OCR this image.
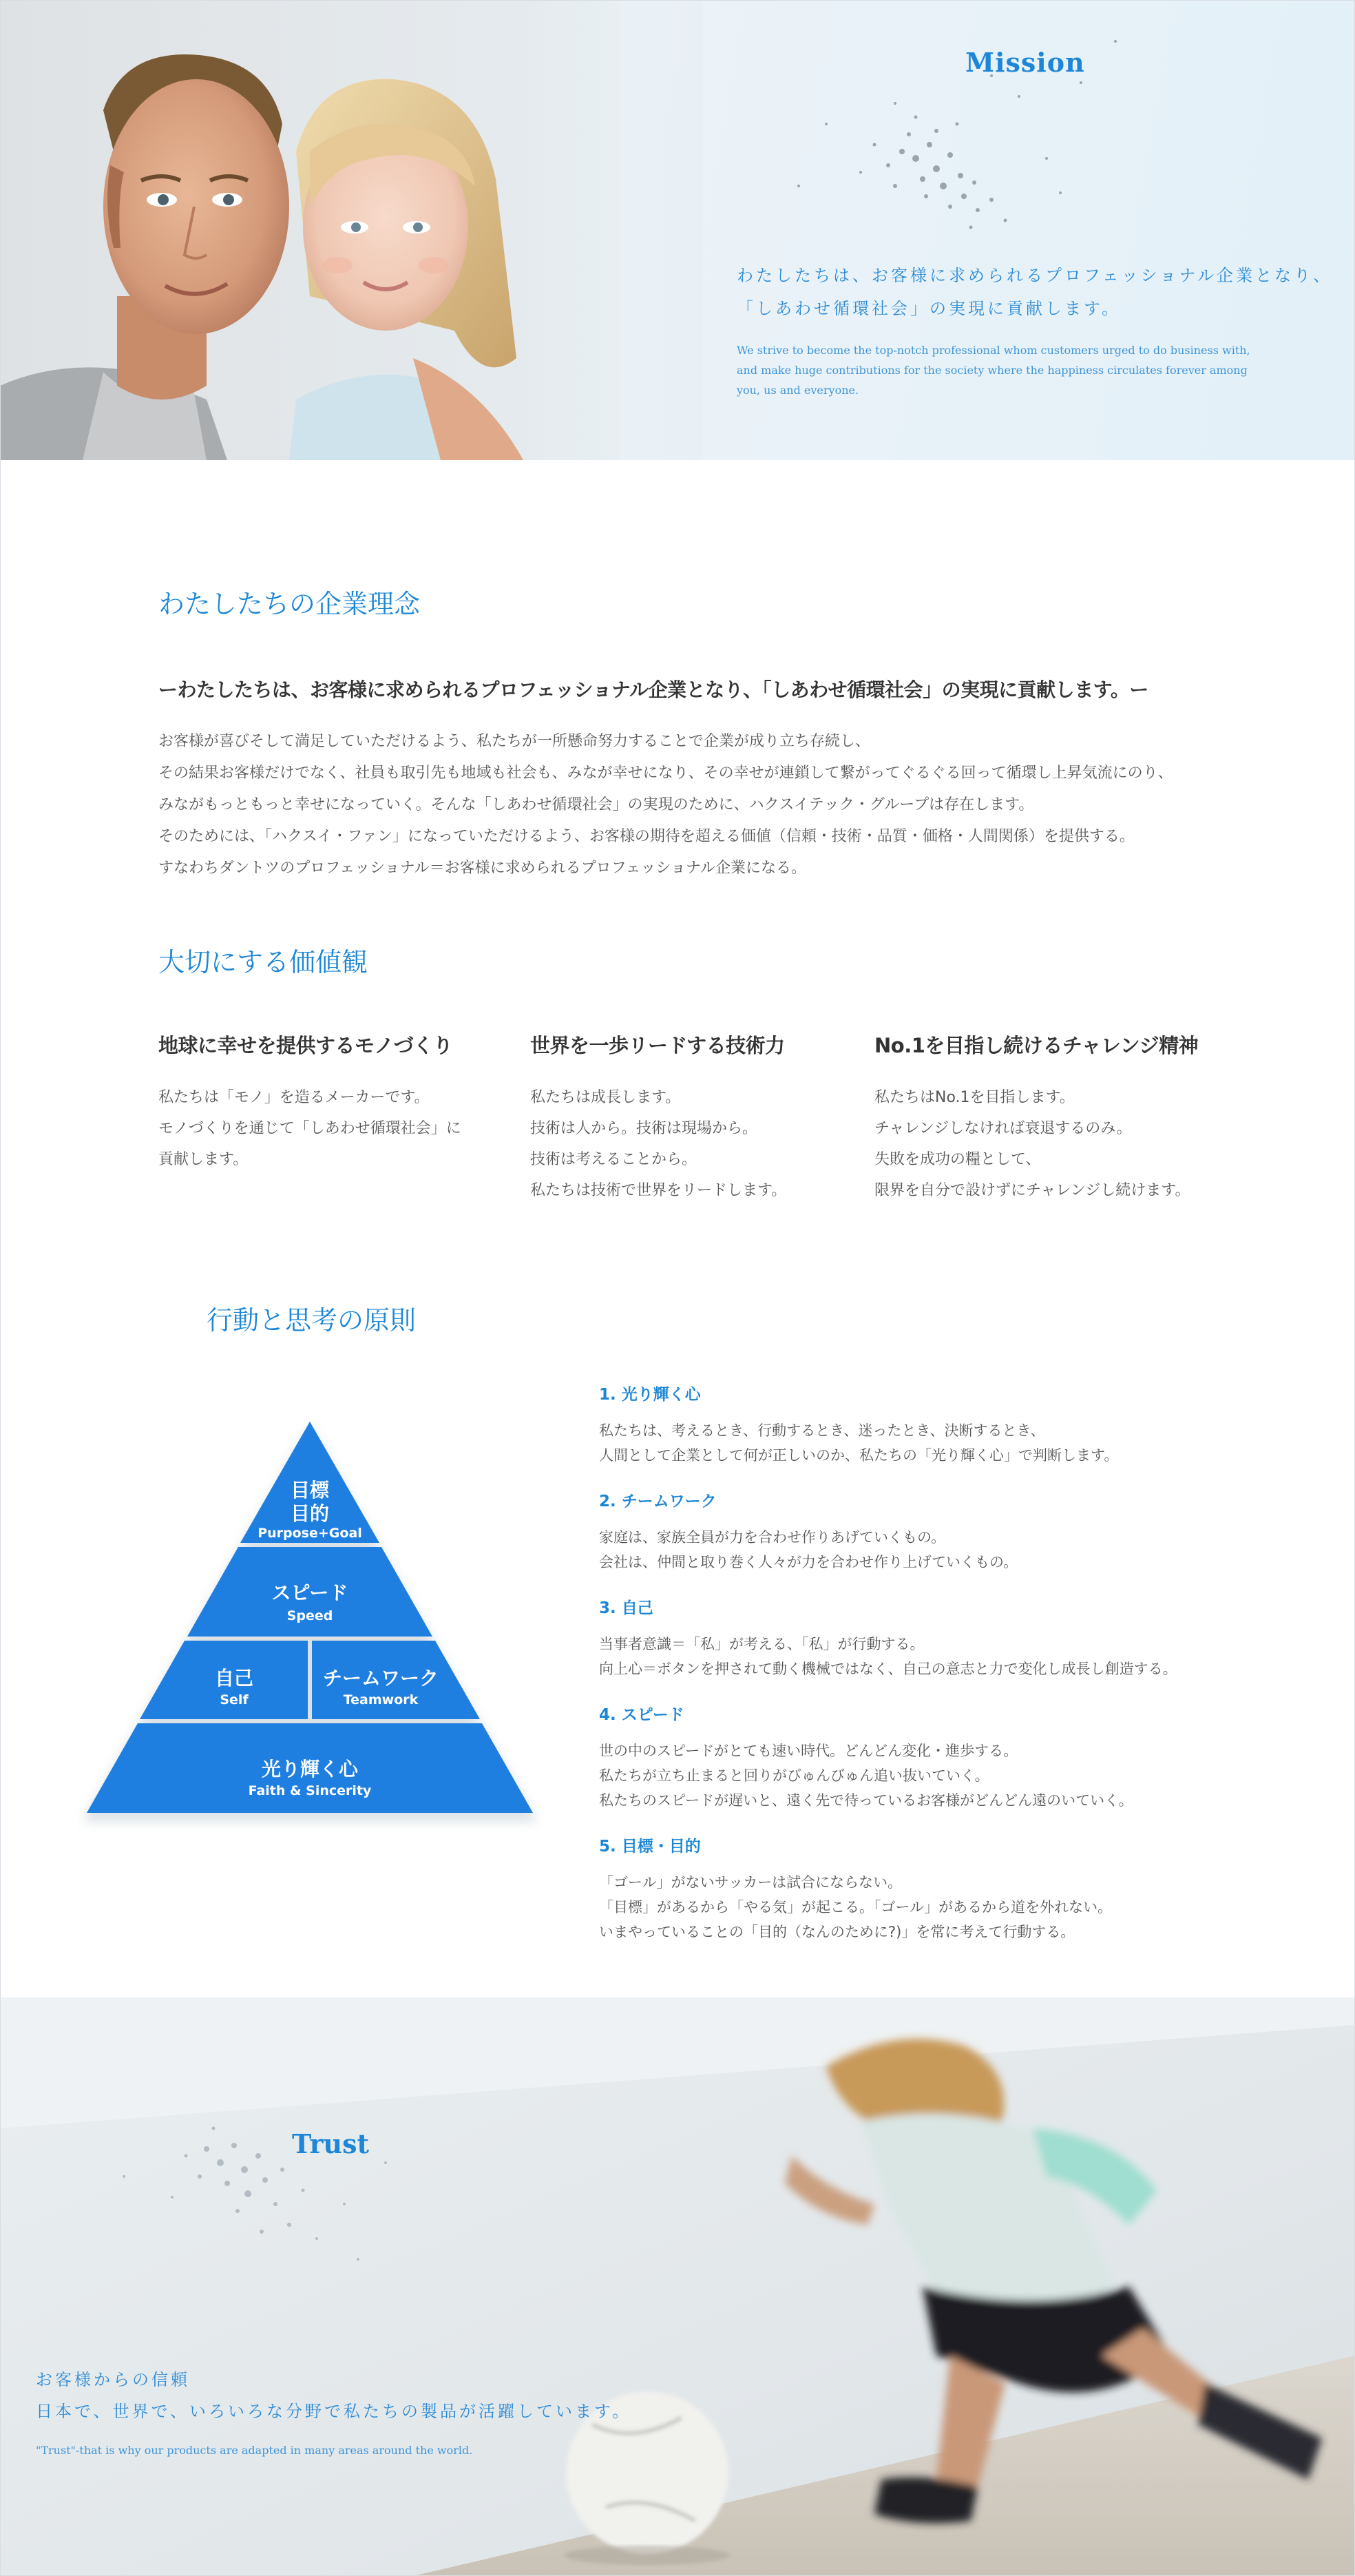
Mission
わたしたちは、お客様に求められるプロフェッショナル企業となり、
「しあわせ循環社会」の実現に貢献します。
We strive to become the top-notch professional whom customers urged to do business with,
and make huge contributions for the society where the happiness circulates forever among
you, us and everyone.
わたしたちの企業理念
ーわたしたちは、お客様に求められるプロフェッショナル企業となり、「しあわせ循環社会」の実現に貢献します。ー
お客様が喜びそして満足していただけるよう、私たちが一所懸命努力することで企業が成り立ち存続し、
その結果お客様だけでなく、社員も取引先も地域も社会も、みなが幸せになり、その幸せが連鎖して繋がってぐるぐる回って循環し上昇気流にのり、
みながもっともっと幸せになっていく。そんな「しあわせ循環社会」の実現のために、ハクスイテック・グループは存在します。
そのためには、「ハクスイ・ファン」になっていただけるよう、お客様の期待を超える価値（信頼・技術・品質・価格・人間関係）を提供する。
すなわちダントツのプロフェッショナル＝お客様に求められるプロフェッショナル企業になる。
大切にする価値観
地球に幸せを提供するモノづくり
私たちは「モノ」を造るメーカーです。
モノづくりを通じて「しあわせ循環社会」に
貢献します。
世界を一歩リードする技術力
私たちは成長します。
技術は人から。技術は現場から。
技術は考えることから。
私たちは技術で世界をリードします。
No.1を目指し続けるチャレンジ精神
私たちはNo.1を目指します。
チャレンジしなければ衰退するのみ。
失敗を成功の糧として、
限界を自分で設けずにチャレンジし続けます。
行動と思考の原則
目標
目的
Purpose+Goal
スピード
Speed
自己
Self
チームワーク
Teamwork
光り輝く心
Faith & Sincerity
1. 光り輝く心
私たちは、考えるとき、行動するとき、迷ったとき、決断するとき、
人間として企業として何が正しいのか、私たちの「光り輝く心」で判断します。
2. チームワーク
家庭は、家族全員が力を合わせ作りあげていくもの。
会社は、仲間と取り巻く人々が力を合わせ作り上げていくもの。
3. 自己
当事者意識＝「私」が考える、「私」が行動する。
向上心＝ボタンを押されて動く機械ではなく、自己の意志と力で変化し成長し創造する。
4. スピード
世の中のスピードがとても速い時代。どんどん変化・進歩する。
私たちが立ち止まると回りがびゅんびゅん追い抜いていく。
私たちのスピードが遅いと、遠く先で待っているお客様がどんどん遠のいていく。
5. 目標・目的
「ゴール」がないサッカーは試合にならない。
「目標」があるから「やる気」が起こる。「ゴール」があるから道を外れない。
いまやっていることの「目的（なんのために?)」を常に考えて行動する。
Trust
お客様からの信頼
日本で、世界で、いろいろな分野で私たちの製品が活躍しています。
"Trust"-that is why our products are adapted in many areas around the world.
